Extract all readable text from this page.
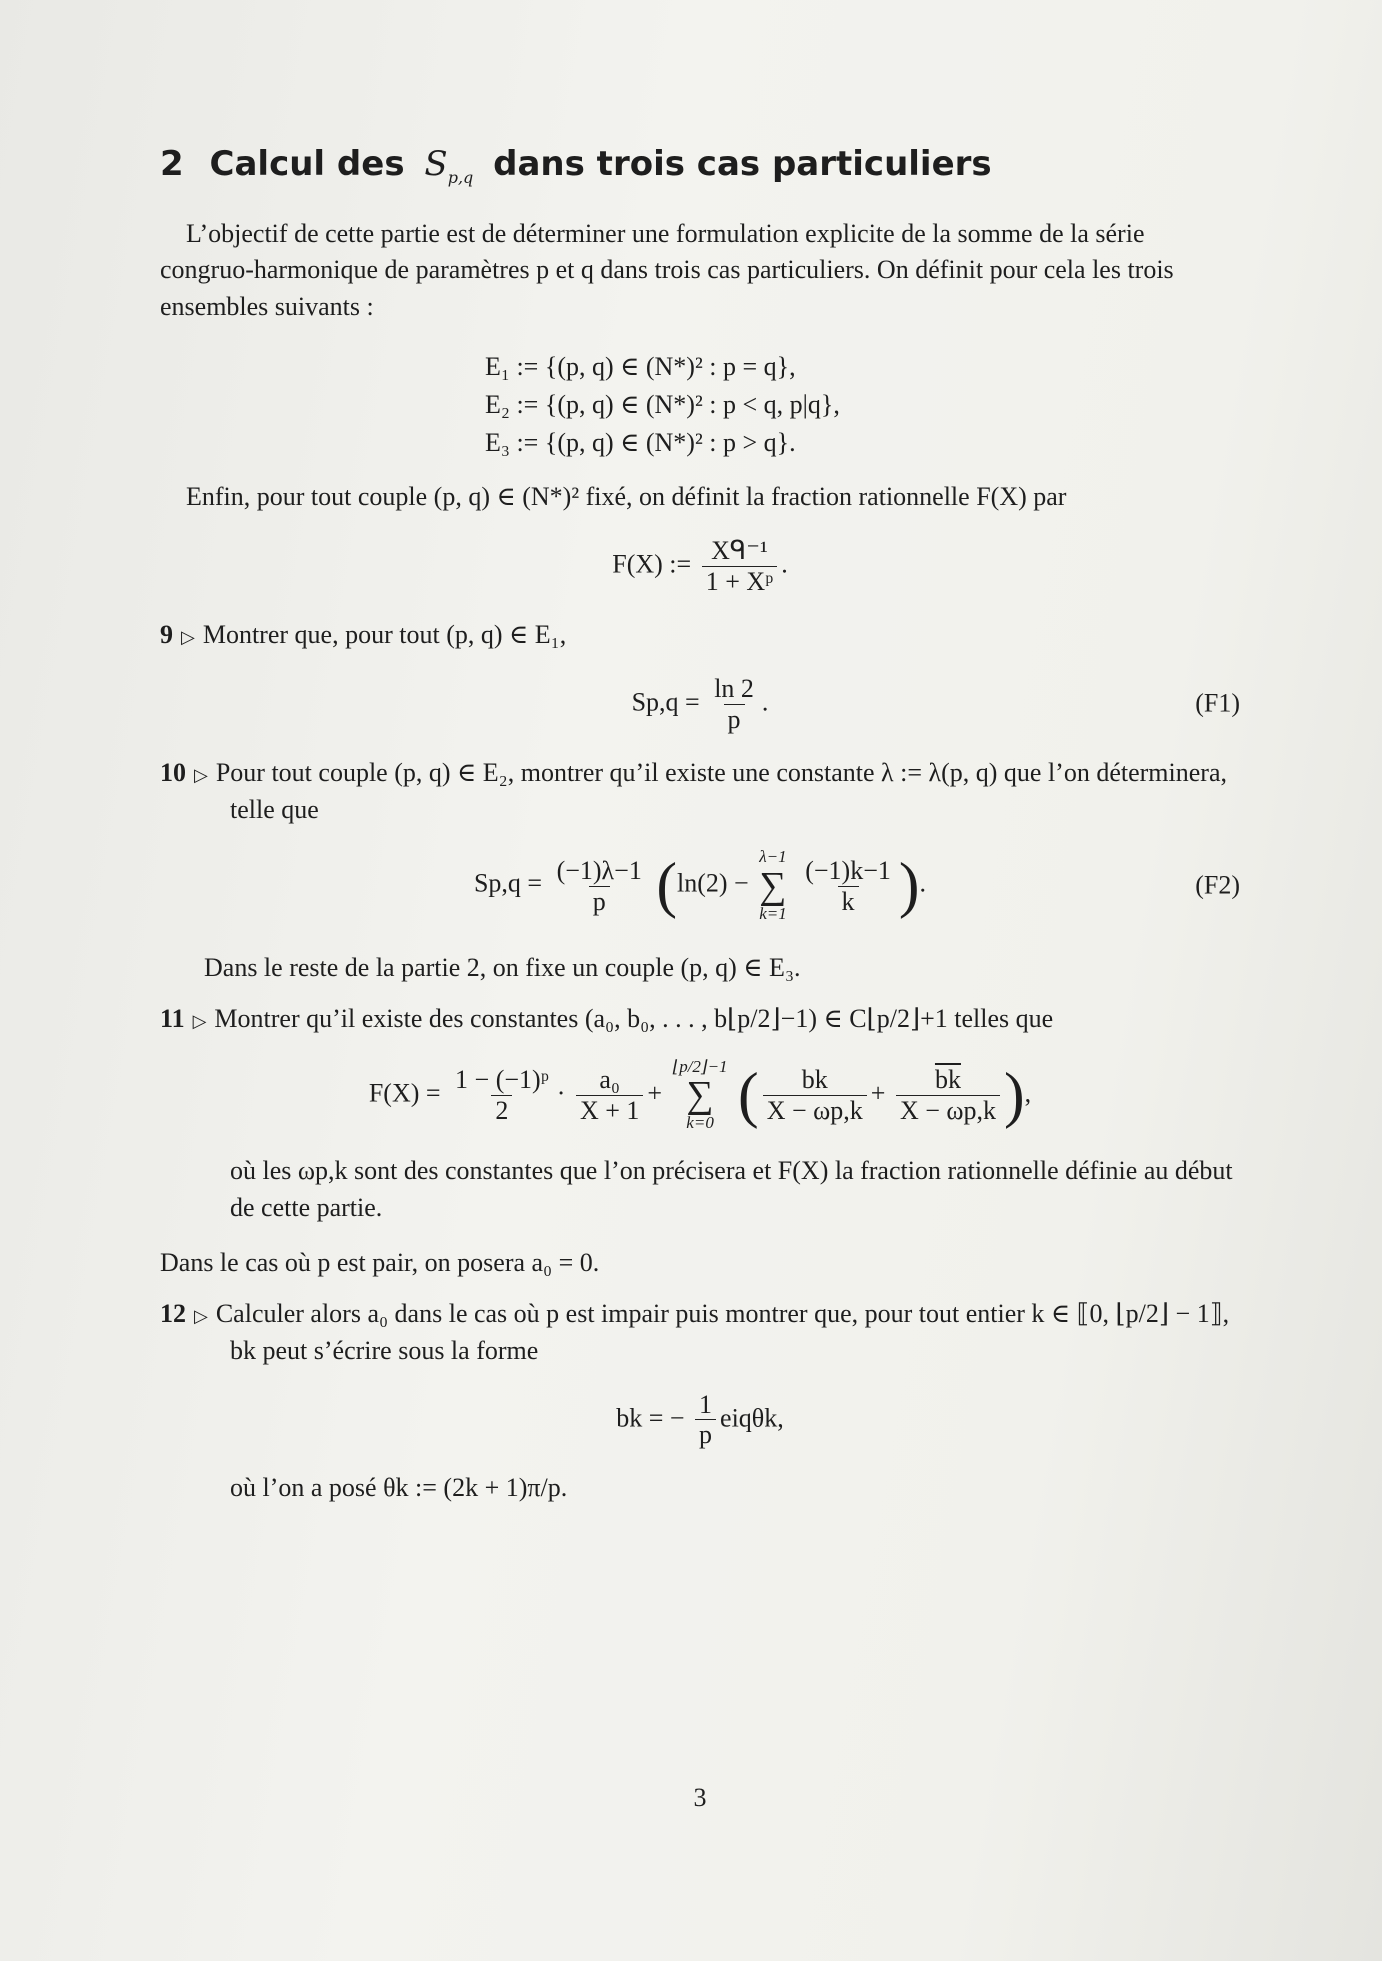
2 Calcul des $S_{p,q}$ dans trois cas particuliers

L’objectif de cette partie est de déterminer une formulation explicite de la somme de la série congruo-harmonique de paramètres p et q dans trois cas particuliers. On définit pour cela les trois ensembles suivants :

E₁ := {(p, q) ∈ (N*)² : p = q},
E₂ := {(p, q) ∈ (N*)² : p < q, p|q},
E₃ := {(p, q) ∈ (N*)² : p > q}.

Enfin, pour tout couple (p, q) ∈ (N*)² fixé, on définit la fraction rationnelle F(X) par

F(X) := $\frac{\text{Xᑫ⁻¹}}{\text{1 + Xᵖ}}$ .
9 ▷ Montrer que, pour tout (p, q) ∈ E₁,
$Sp,q = \frac{\ln 2}{p}$ .	(F1)
10 ▷ Pour tout couple (p, q) ∈ E₂, montrer qu’il existe une constante λ := λ(p, q) que l’on déterminera, telle que
$Sp,q = \frac{(-1)\lambda-1}{p} (\ln(2)$ −
λ−1
∑
k=1
$\frac{(-1)k-1}{k}$ ).	(F2)

Dans le reste de la partie 2, on fixe un couple (p, q) ∈ E₃.

11 ▷ Montrer qu’il existe des constantes (a₀, b₀, . . . , b⌊p/2⌋−1) ∈ C⌊p/2⌋+1 telles que
$F(X) = \frac{\text{1 − (−1)ᵖ}}{2} \cdot \frac{\text{a₀}}{X + 1}$ +
⌊p/2⌋−1
∑
k=0 ( $\frac{bk}{X - \omega p,k} + \frac{\overline{bk}}{X - \omega p,k}$ ),

où les ωp,k sont des constantes que l’on précisera et F(X) la fraction rationnelle définie au début de cette partie.

Dans le cas où p est pair, on posera a₀ = 0.

12 ▷ Calculer alors a₀ dans le cas où p est impair puis montrer que, pour tout entier k ∈ ⟦0, ⌊p/2⌋ − 1⟧, bk peut s’écrire sous la forme
bk = − $\frac{1}{p} eiq\theta k$,

où l’on a posé θk := (2k + 1)π/p.

3
